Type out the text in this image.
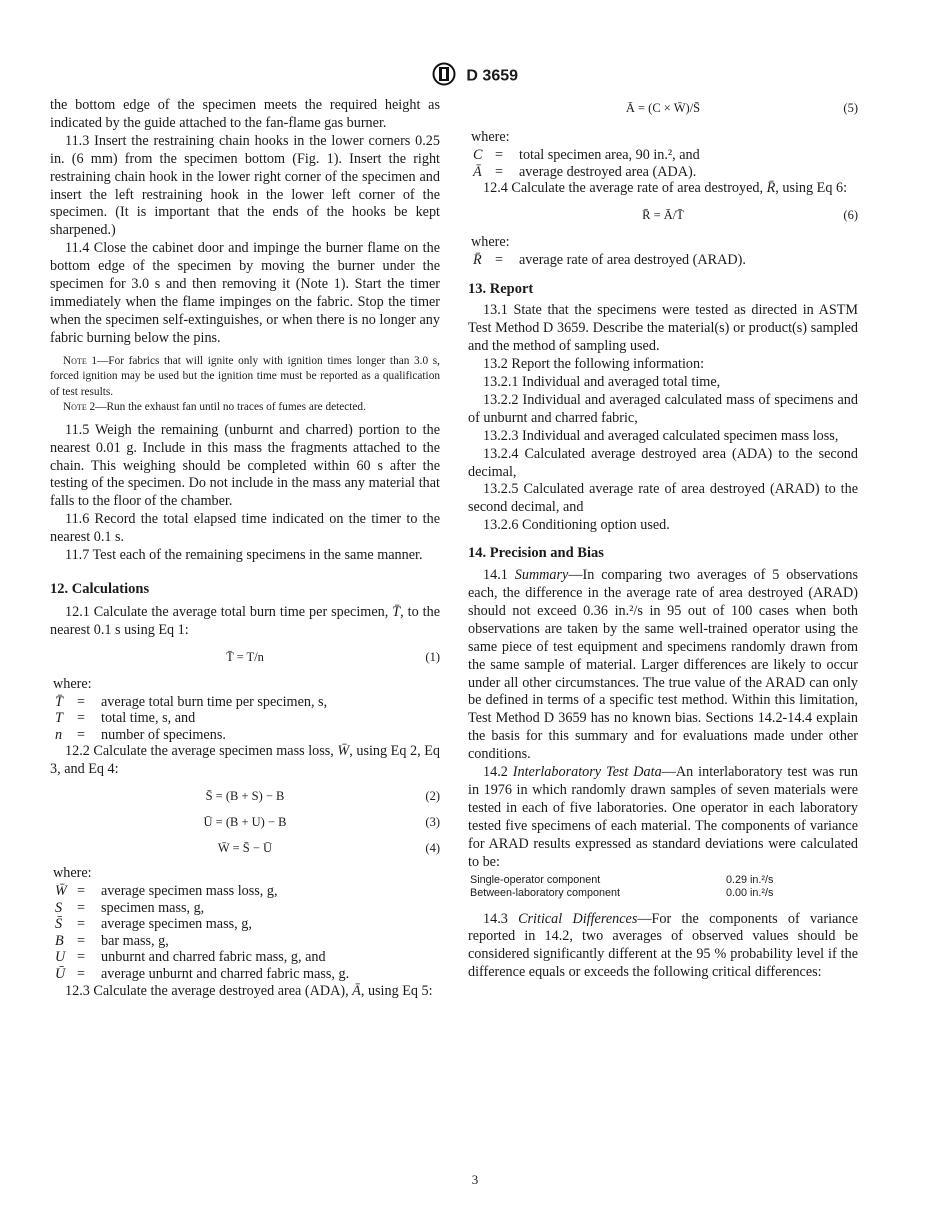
D 3659

the bottom edge of the specimen meets the required height as indicated by the guide attached to the fan-flame gas burner.

11.3 Insert the restraining chain hooks in the lower corners 0.25 in. (6 mm) from the specimen bottom (Fig. 1). Insert the right restraining chain hook in the lower right corner of the specimen and insert the left restraining hook in the lower left corner of the specimen. (It is important that the ends of the hooks be kept sharpened.)

11.4 Close the cabinet door and impinge the burner flame on the bottom edge of the specimen by moving the burner under the specimen for 3.0 s and then removing it (Note 1). Start the timer immediately when the flame impinges on the fabric. Stop the timer when the specimen self-extinguishes, or when there is no longer any fabric burning below the pins.

Note 1—For fabrics that will ignite only with ignition times longer than 3.0 s, forced ignition may be used but the ignition time must be reported as a qualification of test results.

Note 2—Run the exhaust fan until no traces of fumes are detected.

11.5 Weigh the remaining (unburnt and charred) portion to the nearest 0.01 g. Include in this mass the fragments attached to the chain. This weighing should be completed within 60 s after the testing of the specimen. Do not include in the mass any material that falls to the floor of the chamber.

11.6 Record the total elapsed time indicated on the timer to the nearest 0.1 s.

11.7 Test each of the remaining specimens in the same manner.

12. Calculations

12.1 Calculate the average total burn time per specimen, T̄, to the nearest 0.1 s using Eq 1:

T̄ = T/n	(1)

where:

T̄ =	average total burn time per specimen, s,
T =	total time, s, and
n	=	number of specimens.

12.2 Calculate the average specimen mass loss, W̄, using Eq 2, Eq 3, and Eq 4:

S̄ = (B + S) − B	(2)
Ū = (B + U) − B	(3)
W̄ = S̄ − Ū	(4)

where:

W̄ =	average specimen mass loss, g,
S	=	specimen mass, g,
S̄	=	average specimen mass, g,
B =	bar mass, g,
U =	unburnt and charred fabric mass, g, and
Ū =	average unburnt and charred fabric mass, g.

12.3 Calculate the average destroyed area (ADA), Ā, using Eq 5:

Ā = (C × W̄)/S̄	(5)

where:

C =	total specimen area, 90 in.², and
Ā =	average destroyed area (ADA).

12.4 Calculate the average rate of area destroyed, R̄, using Eq 6:

R̄ = Ā/T̄	(6)

where:

R̄ =	average rate of area destroyed (ARAD).

13. Report

13.1 State that the specimens were tested as directed in ASTM Test Method D 3659. Describe the material(s) or product(s) sampled and the method of sampling used.

13.2 Report the following information:

13.2.1 Individual and averaged total time,

13.2.2 Individual and averaged calculated mass of specimens and of unburnt and charred fabric,

13.2.3 Individual and averaged calculated specimen mass loss,

13.2.4 Calculated average destroyed area (ADA) to the second decimal,

13.2.5 Calculated average rate of area destroyed (ARAD) to the second decimal, and

13.2.6 Conditioning option used.

14. Precision and Bias

14.1 Summary—In comparing two averages of 5 observations each, the difference in the average rate of area destroyed (ARAD) should not exceed 0.36 in.²/s in 95 out of 100 cases when both observations are taken by the same well-trained operator using the same piece of test equipment and specimens randomly drawn from the same sample of material. Larger differences are likely to occur under all other circumstances. The true value of the ARAD can only be defined in terms of a specific test method. Within this limitation, Test Method D 3659 has no known bias. Sections 14.2-14.4 explain the basis for this summary and for evaluations made under other conditions.

14.2 Interlaboratory Test Data—An interlaboratory test was run in 1976 in which randomly drawn samples of seven materials were tested in each of five laboratories. One operator in each laboratory tested five specimens of each material. The components of variance for ARAD results expressed as standard deviations were calculated to be:

Single-operator component	0.29 in.²/s
Between-laboratory component	0.00 in.²/s

14.3 Critical Differences—For the components of variance reported in 14.2, two averages of observed values should be considered significantly different at the 95 % probability level if the difference equals or exceeds the following critical differences:

3
